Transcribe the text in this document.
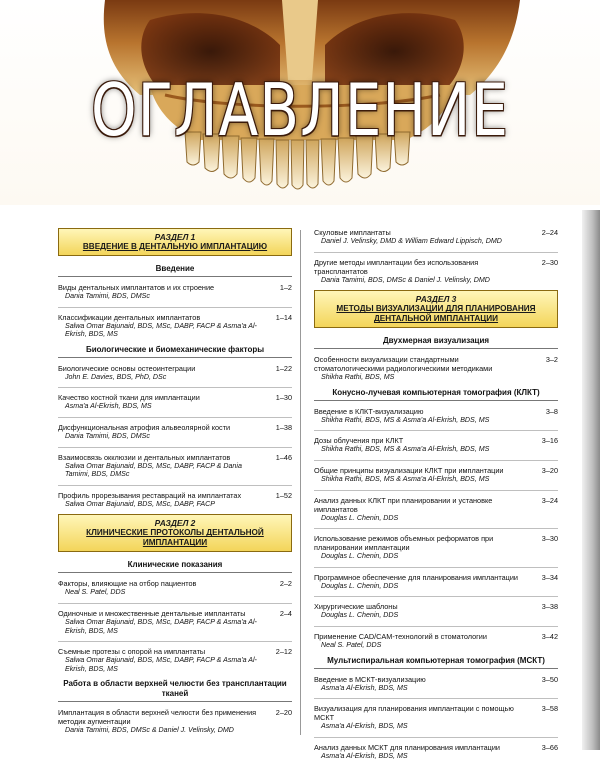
ОГЛАВЛЕНИЕ
РАЗДЕЛ 1
ВВЕДЕНИЕ В ДЕНТАЛЬНУЮ ИМПЛАНТАЦИЮ
Введение
Виды дентальных имплантатов и их строение
Dania Tamimi, BDS, DMSc
1–2
Классификации дентальных имплантатов
Salwa Omar Bajunaid, BDS, MSc, DABP, FACP & Asma'a Al-Ekrish, BDS, MS
1–14
Биологические и биомеханические факторы
Биологические основы остеоинтеграции
John E. Davies, BDS, PhD, DSc
1–22
Качество костной ткани для имплантации
Asma'a Al-Ekrish, BDS, MS
1–30
Дисфункциональная атрофия альвеолярной кости
Dania Tamimi, BDS, DMSc
1–38
Взаимосвязь окклюзии и дентальных имплантатов
Salwa Omar Bajunaid, BDS, MSc, DABP, FACP & Dania Tamimi, BDS, DMSc
1–46
Профиль прорезывания реставраций на имплантатах
Salwa Omar Bajunaid, BDS, MSc, DABP, FACP
1–52
РАЗДЕЛ 2
КЛИНИЧЕСКИЕ ПРОТОКОЛЫ ДЕНТАЛЬНОЙ ИМПЛАНТАЦИИ
Клинические показания
Факторы, влияющие на отбор пациентов
Neal S. Patel, DDS
2–2
Одиночные и множественные дентальные имплантаты
Salwa Omar Bajunaid, BDS, MSc, DABP, FACP & Asma'a Al-Ekrish, BDS, MS
2–4
Съемные протезы с опорой на имплантаты
Salwa Omar Bajunaid, BDS, MSc, DABP, FACP & Asma'a Al-Ekrish, BDS, MS
2–12
Работа в области верхней челюсти без трансплантации тканей
Имплантация в области верхней челюсти без применения методик аугментации
Dania Tamimi, BDS, DMSc & Daniel J. Velinsky, DMD
2–20
Скуловые имплантаты
Daniel J. Velinsky, DMD & William Edward Lippisch, DMD
2–24
Другие методы имплантации без использования трансплантатов
Dania Tamimi, BDS, DMSc & Daniel J. Velinsky, DMD
2–30
РАЗДЕЛ 3
МЕТОДЫ ВИЗУАЛИЗАЦИИ ДЛЯ ПЛАНИРОВАНИЯ ДЕНТАЛЬНОЙ ИМПЛАНТАЦИИ
Двухмерная визуализация
Особенности визуализации стандартными стоматологическими радиологическими методиками
Shikha Rathi, BDS, MS
3–2
Конусно-лучевая компьютерная томография (КЛКТ)
Введение в КЛКТ-визуализацию
Shikha Rathi, BDS, MS & Asma'a Al-Ekrish, BDS, MS
3–8
Дозы облучения при КЛКТ
Shikha Rathi, BDS, MS & Asma'a Al-Ekrish, BDS, MS
3–16
Общие принципы визуализации КЛКТ при имплантации
Shikha Rathi, BDS, MS & Asma'a Al-Ekrish, BDS, MS
3–20
Анализ данных КЛКТ при планировании и установке имплантатов
Douglas L. Chenin, DDS
3–24
Использование режимов объемных реформатов при планировании имплантации
Douglas L. Chenin, DDS
3–30
Программное обеспечение для планирования имплантации
Douglas L. Chenin, DDS
3–34
Хирургические шаблоны
Douglas L. Chenin, DDS
3–38
Применение CAD/CAM-технологий в стоматологии
Neal S. Patel, DDS
3–42
Мультиспиральная компьютерная томография (МСКТ)
Введение в МСКТ-визуализацию
Asma'a Al-Ekrish, BDS, MS
3–50
Визуализация для планирования имплантации с помощью МСКТ
Asma'a Al-Ekrish, BDS, MS
3–58
Анализ данных МСКТ для планирования имплантации
Asma'a Al-Ekrish, BDS, MS
3–66
